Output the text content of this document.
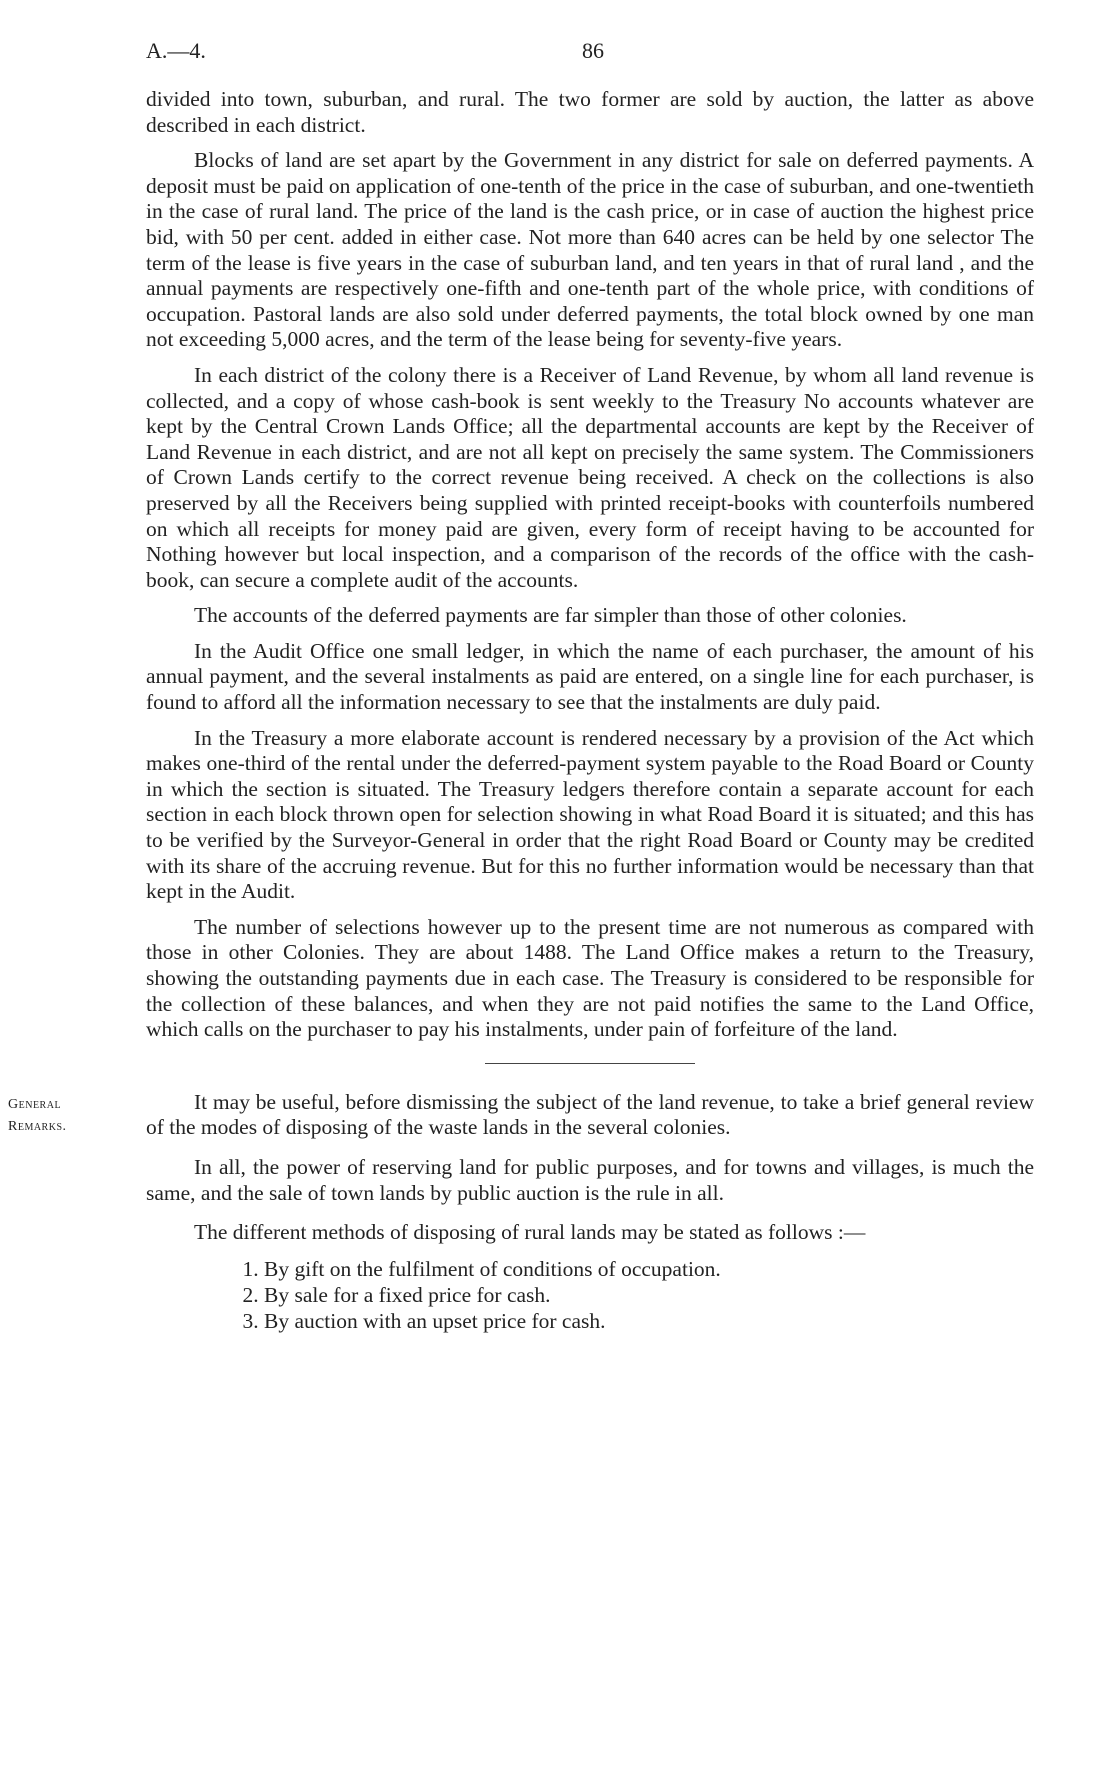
A.—4.	86

divided into town, suburban, and rural. The two former are sold by auction, the latter as above described in each district.

Blocks of land are set apart by the Government in any district for sale on deferred payments. A deposit must be paid on application of one-tenth of the price in the case of suburban, and one-twentieth in the case of rural land. The price of the land is the cash price, or in case of auction the highest price bid, with 50 per cent. added in either case. Not more than 640 acres can be held by one selector The term of the lease is five years in the case of suburban land, and ten years in that of rural land , and the annual payments are respectively one-fifth and one-tenth part of the whole price, with conditions of occupation. Pastoral lands are also sold under deferred payments, the total block owned by one man not exceeding 5,000 acres, and the term of the lease being for seventy-five years.

In each district of the colony there is a Receiver of Land Revenue, by whom all land revenue is collected, and a copy of whose cash-book is sent weekly to the Treasury No accounts whatever are kept by the Central Crown Lands Office; all the departmental accounts are kept by the Receiver of Land Revenue in each district, and are not all kept on precisely the same system. The Commissioners of Crown Lands certify to the correct revenue being received. A check on the collections is also preserved by all the Receivers being supplied with printed receipt-books with counterfoils numbered on which all receipts for money paid are given, every form of receipt having to be accounted for Nothing however but local inspection, and a comparison of the records of the office with the cash-book, can secure a complete audit of the accounts.

The accounts of the deferred payments are far simpler than those of other colonies.

In the Audit Office one small ledger, in which the name of each purchaser, the amount of his annual payment, and the several instalments as paid are entered, on a single line for each purchaser, is found to afford all the information necessary to see that the instalments are duly paid.

In the Treasury a more elaborate account is rendered necessary by a provision of the Act which makes one-third of the rental under the deferred-payment system payable to the Road Board or County in which the section is situated. The Treasury ledgers therefore contain a separate account for each section in each block thrown open for selection showing in what Road Board it is situated; and this has to be verified by the Surveyor-General in order that the right Road Board or County may be credited with its share of the accruing revenue. But for this no further information would be necessary than that kept in the Audit.

The number of selections however up to the present time are not numerous as compared with those in other Colonies. They are about 1488. The Land Office makes a return to the Treasury, showing the outstanding payments due in each case. The Treasury is considered to be responsible for the collection of these balances, and when they are not paid notifies the same to the Land Office, which calls on the purchaser to pay his instalments, under pain of forfeiture of the land.

General
Remarks.

It may be useful, before dismissing the subject of the land revenue, to take a brief general review of the modes of disposing of the waste lands in the several colonies.

In all, the power of reserving land for public purposes, and for towns and villages, is much the same, and the sale of town lands by public auction is the rule in all.

The different methods of disposing of rural lands may be stated as follows :—

1. By gift on the fulfilment of conditions of occupation.
2. By sale for a fixed price for cash.
3. By auction with an upset price for cash.
